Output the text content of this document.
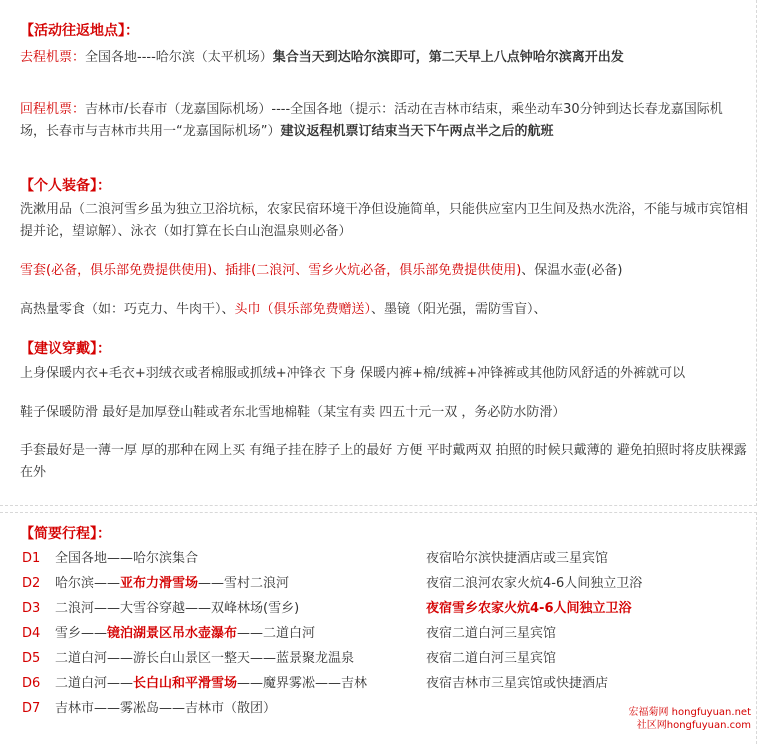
【活动往返地点】：
去程机票：全国各地----哈尔滨（太平机场）集合当天到达哈尔滨即可，第二天早上八点钟哈尔滨离开出发
回程机票：吉林市/长春市（龙嘉国际机场）----全国各地（提示：活动在吉林市结束，乘坐动车30分钟到达长春龙嘉国际机场，长春市与吉林市共用一“龙嘉国际机场”）建议返程机票订结束当天下午两点半之后的航班
【个人装备】：
洗漱用品（二浪河雪乡虽为独立卫浴坑标，农家民宿环境干净但设施简单，只能供应室内卫生间及热水洗浴，不能与城市宾馆相提并论，望谅解）、泳衣（如打算在长白山泡温泉则必备）
雪套(必备，俱乐部免费提供使用)、插排(二浪河、雪乡火炕必备，俱乐部免费提供使用)、保温水壶(必备)
高热量零食（如：巧克力、牛肉干）、头巾（俱乐部免费赠送）、墨镜（阳光强，需防雪盲）、
【建议穿戴】：
上身保暖内衣+毛衣+羽绒衣或者棉服或抓绒+冲锋衣 下身 保暖内裤+棉/绒裤+冲锋裤或其他防风舒适的外裤就可以
鞋子保暖防滑 最好是加厚登山鞋或者东北雪地棉鞋（某宝有卖 四五十元一双 ，务必防水防滑）
手套最好是一薄一厚 厚的那种在网上买 有绳子挂在脖子上的最好 方便 平时戴两双 拍照的时候只戴薄的 避免拍照时将皮肤裸露在外
【简要行程】：
D1	全国各地——哈尔滨集合	夜宿哈尔滨快捷酒店或三星宾馆
D2	哈尔滨——亚布力滑雪场——雪村二浪河	夜宿二浪河农家火炕4-6人间独立卫浴
D3	二浪河——大雪谷穿越——双峰林场(雪乡)	夜宿雪乡农家火炕4-6人间独立卫浴
D4	雪乡——镜泊湖景区吊水壶瀑布——二道白河	夜宿二道白河三星宾馆
D5	二道白河——游长白山景区一整天——蓝景聚龙温泉	夜宿二道白河三星宾馆
D6	二道白河——长白山和平滑雪场——魔界雾凇——吉林	夜宿吉林市三星宾馆或快捷酒店
D7	吉林市——雾凇岛——吉林市（散团）	宏福菊网 hongfuyuan.net
社区网hongfuyuan.com
